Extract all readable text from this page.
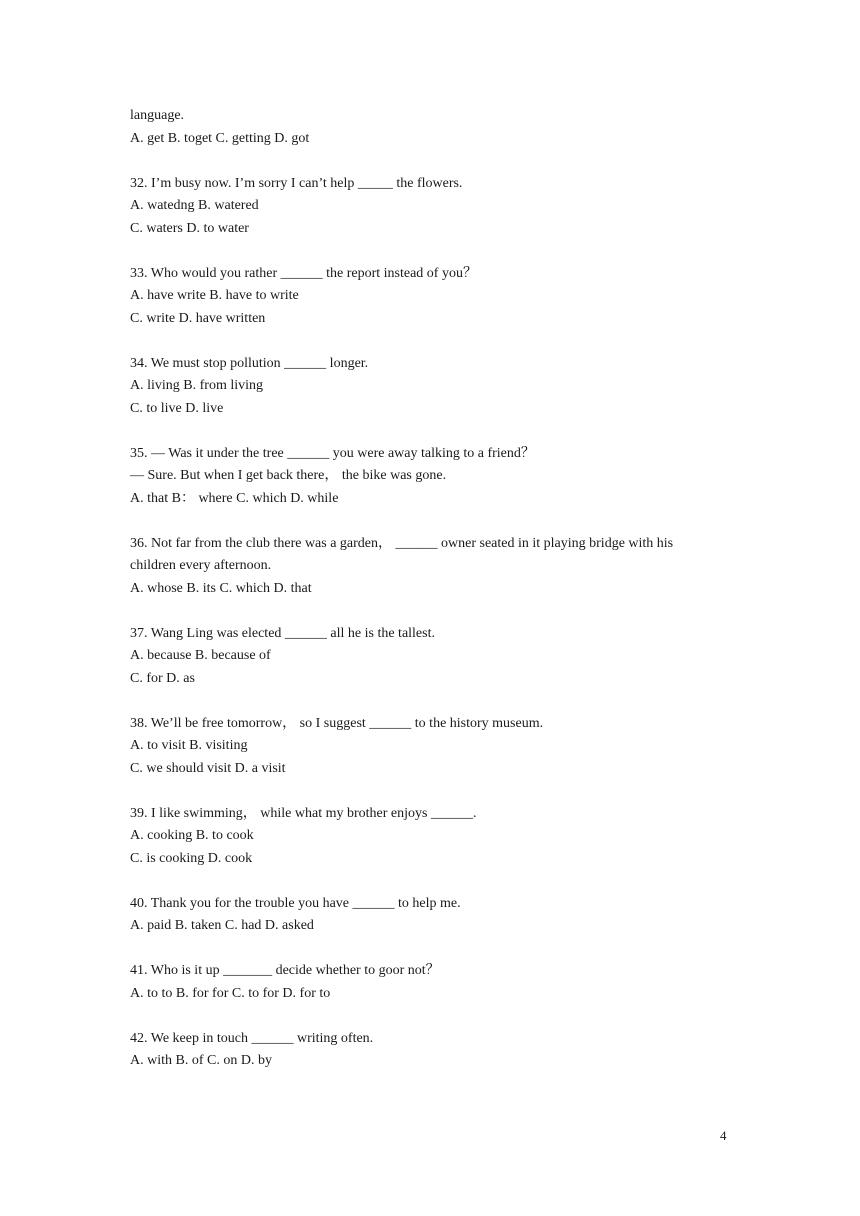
language.
A. get B. toget C. getting D. got
32. I’m busy now. I’m sorry I can’t help _____ the flowers.
A. watedng B. watered
C. waters D. to water
33. Who would you rather ______ the report instead of you？
A. have write B. have to write
C. write D. have written
34. We must stop pollution ______ longer.
A. living B. from living
C. to live D. live
35. — Was it under the tree ______ you were away talking to a friend？
— Sure. But when I get back there， the bike was gone.
A. that B： where C. which D. while
36. Not far from the club there was a garden， ______ owner seated in it playing bridge with his
children every afternoon.
A. whose B. its C. which D. that
37. Wang Ling was elected ______ all he is the tallest.
A. because B. because of
C. for D. as
38. We’ll be free tomorrow， so I suggest ______ to the history museum.
A. to visit B. visiting
C. we should visit D. a visit
39. I like swimming， while what my brother enjoys ______.
A. cooking B. to cook
C. is cooking D. cook
40. Thank you for the trouble you have ______ to help me.
A. paid B. taken C. had D. asked
41. Who is it up _______ decide whether to goor not？
A. to to B. for for C. to for D. for to
42. We keep in touch ______ writing often.
A. with B. of C. on D. by
4
